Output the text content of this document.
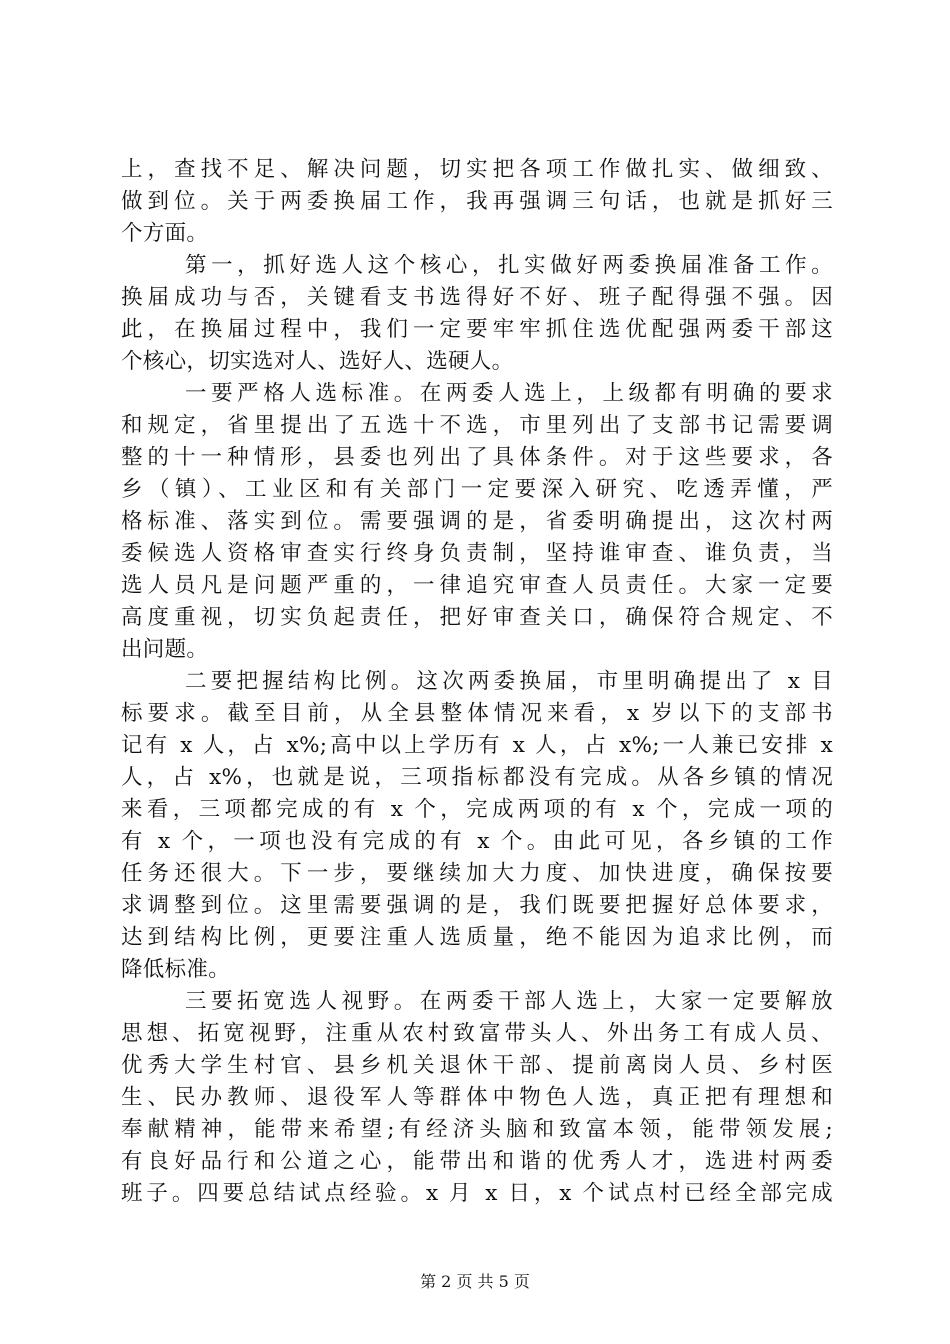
上，查找不足、解决问题，切实把各项工作做扎实、做细致、
做到位。关于两委换届工作，我再强调三句话，也就是抓好三
个方面。
第一，抓好选人这个核心，扎实做好两委换届准备工作。
换届成功与否，关键看支书选得好不好、班子配得强不强。因
此，在换届过程中，我们一定要牢牢抓住选优配强两委干部这
个核心，切实选对人、选好人、选硬人。
一要严格人选标准。在两委人选上，上级都有明确的要求
和规定，省里提出了五选十不选，市里列出了支部书记需要调
整的十一种情形，县委也列出了具体条件。对于这些要求，各
乡（镇）、工业区和有关部门一定要深入研究、吃透弄懂，严
格标准、落实到位。需要强调的是，省委明确提出，这次村两
委候选人资格审查实行终身负责制，坚持谁审查、谁负责，当
选人员凡是问题严重的，一律追究审查人员责任。大家一定要
高度重视，切实负起责任，把好审查关口，确保符合规定、不
出问题。
二要把握结构比例。这次两委换届，市里明确提出了 x 目
标要求。截至目前，从全县整体情况来看，x 岁以下的支部书
记有 x 人，占 x%;高中以上学历有 x 人，占 x%;一人兼已安排 x
人，占 x%，也就是说，三项指标都没有完成。从各乡镇的情况
来看，三项都完成的有 x 个，完成两项的有 x 个，完成一项的
有 x 个，一项也没有完成的有 x 个。由此可见，各乡镇的工作
任务还很大。下一步，要继续加大力度、加快进度，确保按要
求调整到位。这里需要强调的是，我们既要把握好总体要求，
达到结构比例，更要注重人选质量，绝不能因为追求比例，而
降低标准。
三要拓宽选人视野。在两委干部人选上，大家一定要解放
思想、拓宽视野，注重从农村致富带头人、外出务工有成人员、
优秀大学生村官、县乡机关退休干部、提前离岗人员、乡村医
生、民办教师、退役军人等群体中物色人选，真正把有理想和
奉献精神，能带来希望;有经济头脑和致富本领，能带领发展;
有良好品行和公道之心，能带出和谐的优秀人才，选进村两委
班子。四要总结试点经验。x 月 x 日，x 个试点村已经全部完成
第 2 页 共 5 页
